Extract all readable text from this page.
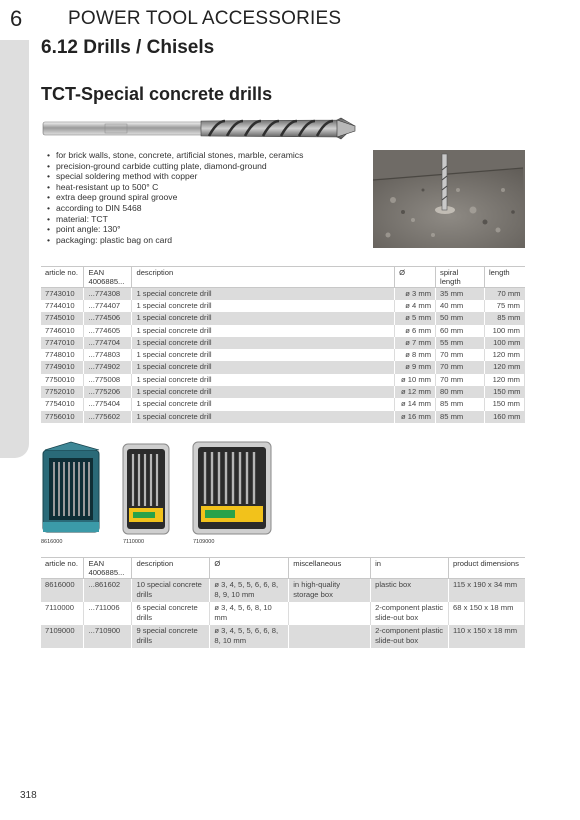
6 POWER TOOL ACCESSORIES
6.12 Drills / Chisels
TCT-Special concrete drills
• for brick walls, stone, concrete, artificial stones, marble, ceramics
• precision-ground carbide cutting plate, diamond-ground
• special soldering method with copper
• heat-resistant up to 500° C
• extra deep ground spiral groove
• according to DIN 5468
• material: TCT
• point angle: 130°
• packaging: plastic bag on card
article no.	EAN 4006885...	description	Ø	spiral length	length
7743010	...774308	1 special concrete drill	ø 3 mm	35 mm	70 mm
7744010	...774407	1 special concrete drill	ø 4 mm	40 mm	75 mm
7745010	...774506	1 special concrete drill	ø 5 mm	50 mm	85 mm
7746010	...774605	1 special concrete drill	ø 6 mm	60 mm	100 mm
7747010	...774704	1 special concrete drill	ø 7 mm	55 mm	100 mm
7748010	...774803	1 special concrete drill	ø 8 mm	70 mm	120 mm
7749010	...774902	1 special concrete drill	ø 9 mm	70 mm	120 mm
7750010	...775008	1 special concrete drill	ø 10 mm	70 mm	120 mm
7752010	...775206	1 special concrete drill	ø 12 mm	80 mm	150 mm
7754010	...775404	1 special concrete drill	ø 14 mm	85 mm	150 mm
7756010	...775602	1 special concrete drill	ø 16 mm	85 mm	160 mm
8616000	7110000	7109000
article no.	EAN 4006885...	description	Ø	miscellaneous	in	product dimensions
8616000	...861602	10 special concrete drills	ø 3, 4, 5, 5, 6, 6, 8, 8, 9, 10 mm	in high-quality storage box	plastic box	115 x 190 x 34 mm
7110000	...711006	6 special concrete drills	ø 3, 4, 5, 6, 8, 10 mm		2-component plastic slide-out box	68 x 150 x 18 mm
7109000	...710900	9 special concrete drills	ø 3, 4, 5, 5, 6, 6, 8, 8, 10 mm		2-component plastic slide-out box	110 x 150 x 18 mm
318
